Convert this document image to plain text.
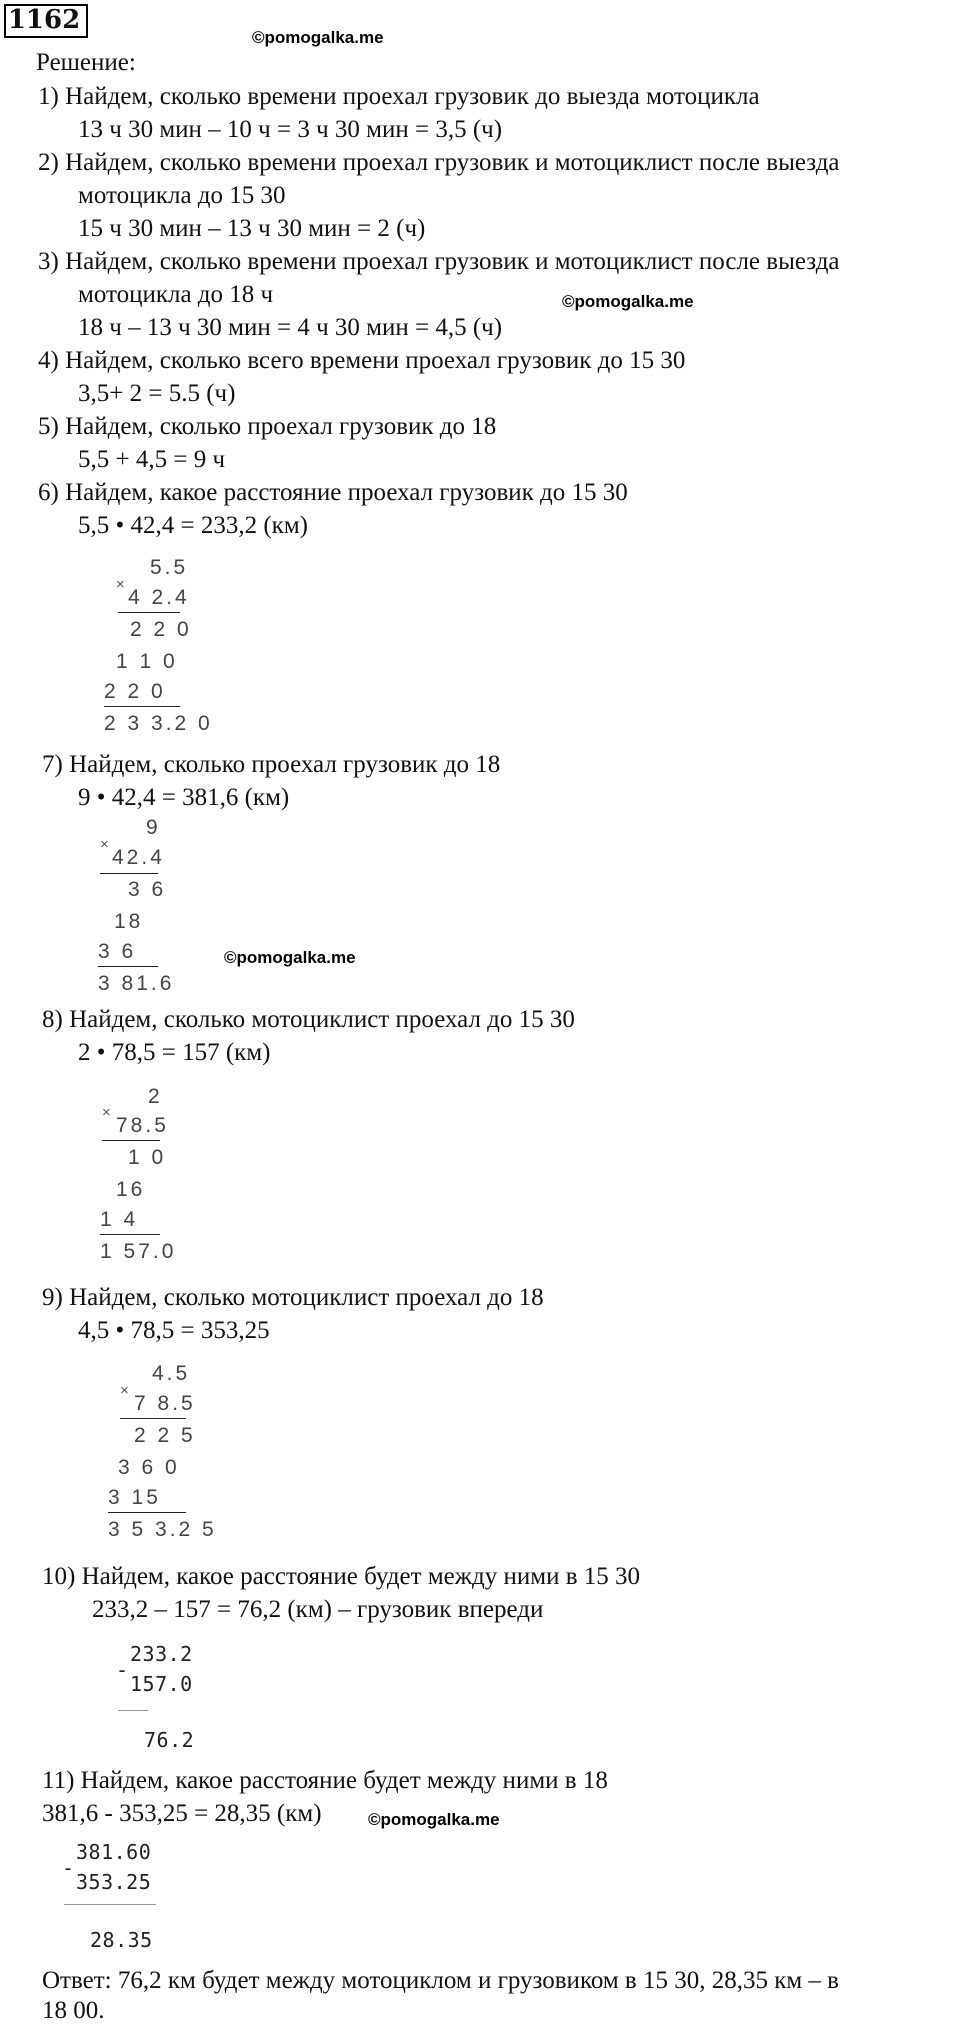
1162
©pomogalka.me
Решение:
1) Найдем, сколько времени проехал грузовик до выезда мотоцикла
13 ч 30 мин – 10 ч = 3 ч 30 мин = 3,5 (ч)
2) Найдем, сколько времени проехал грузовик и мотоциклист после выезда
мотоцикла до 15 30
15 ч 30 мин – 13 ч 30 мин = 2 (ч)
3) Найдем, сколько времени проехал грузовик и мотоциклист после выезда
мотоцикла до 18 ч	©pomogalka.me
18 ч – 13 ч 30 мин = 4 ч 30 мин = 4,5 (ч)
4) Найдем, сколько всего времени проехал грузовик до 15 30
3,5+ 2 = 5.5 (ч)
5) Найдем, сколько проехал грузовик до 18
5,5 + 4,5 = 9 ч
6) Найдем, какое расстояние проехал грузовик до 15 30
5,5 • 42,4 = 233,2 (км)
5.5
×
4 2.4
2 2 0
1 1 0
2 2 0
2 3 3.2 0
7) Найдем, сколько проехал грузовик до 18
9 • 42,4 = 381,6 (км)
9
×
42.4
3 6
18
3 6
3 81.6
©pomogalka.me
8) Найдем, сколько мотоциклист проехал до 15 30
2 • 78,5 = 157 (км)
2
×
78.5
1 0
16
1 4
1 57.0
9) Найдем, сколько мотоциклист проехал до 18
4,5 • 78,5 = 353,25
4.5
×
7 8.5
2 2 5
3 6 0
3 15
3 5 3.2 5
10) Найдем, какое расстояние будет между ними в 15 30
233,2 – 157 = 76,2 (км) – грузовик впереди
233.2
-
157.0
76.2
11) Найдем, какое расстояние будет между ними в 18
381,6 - 353,25 = 28,35 (км)	©pomogalka.me
381.60
-
353.25
28.35
Ответ: 76,2 км будет между мотоциклом и грузовиком в 15 30, 28,35 км – в
18 00.
